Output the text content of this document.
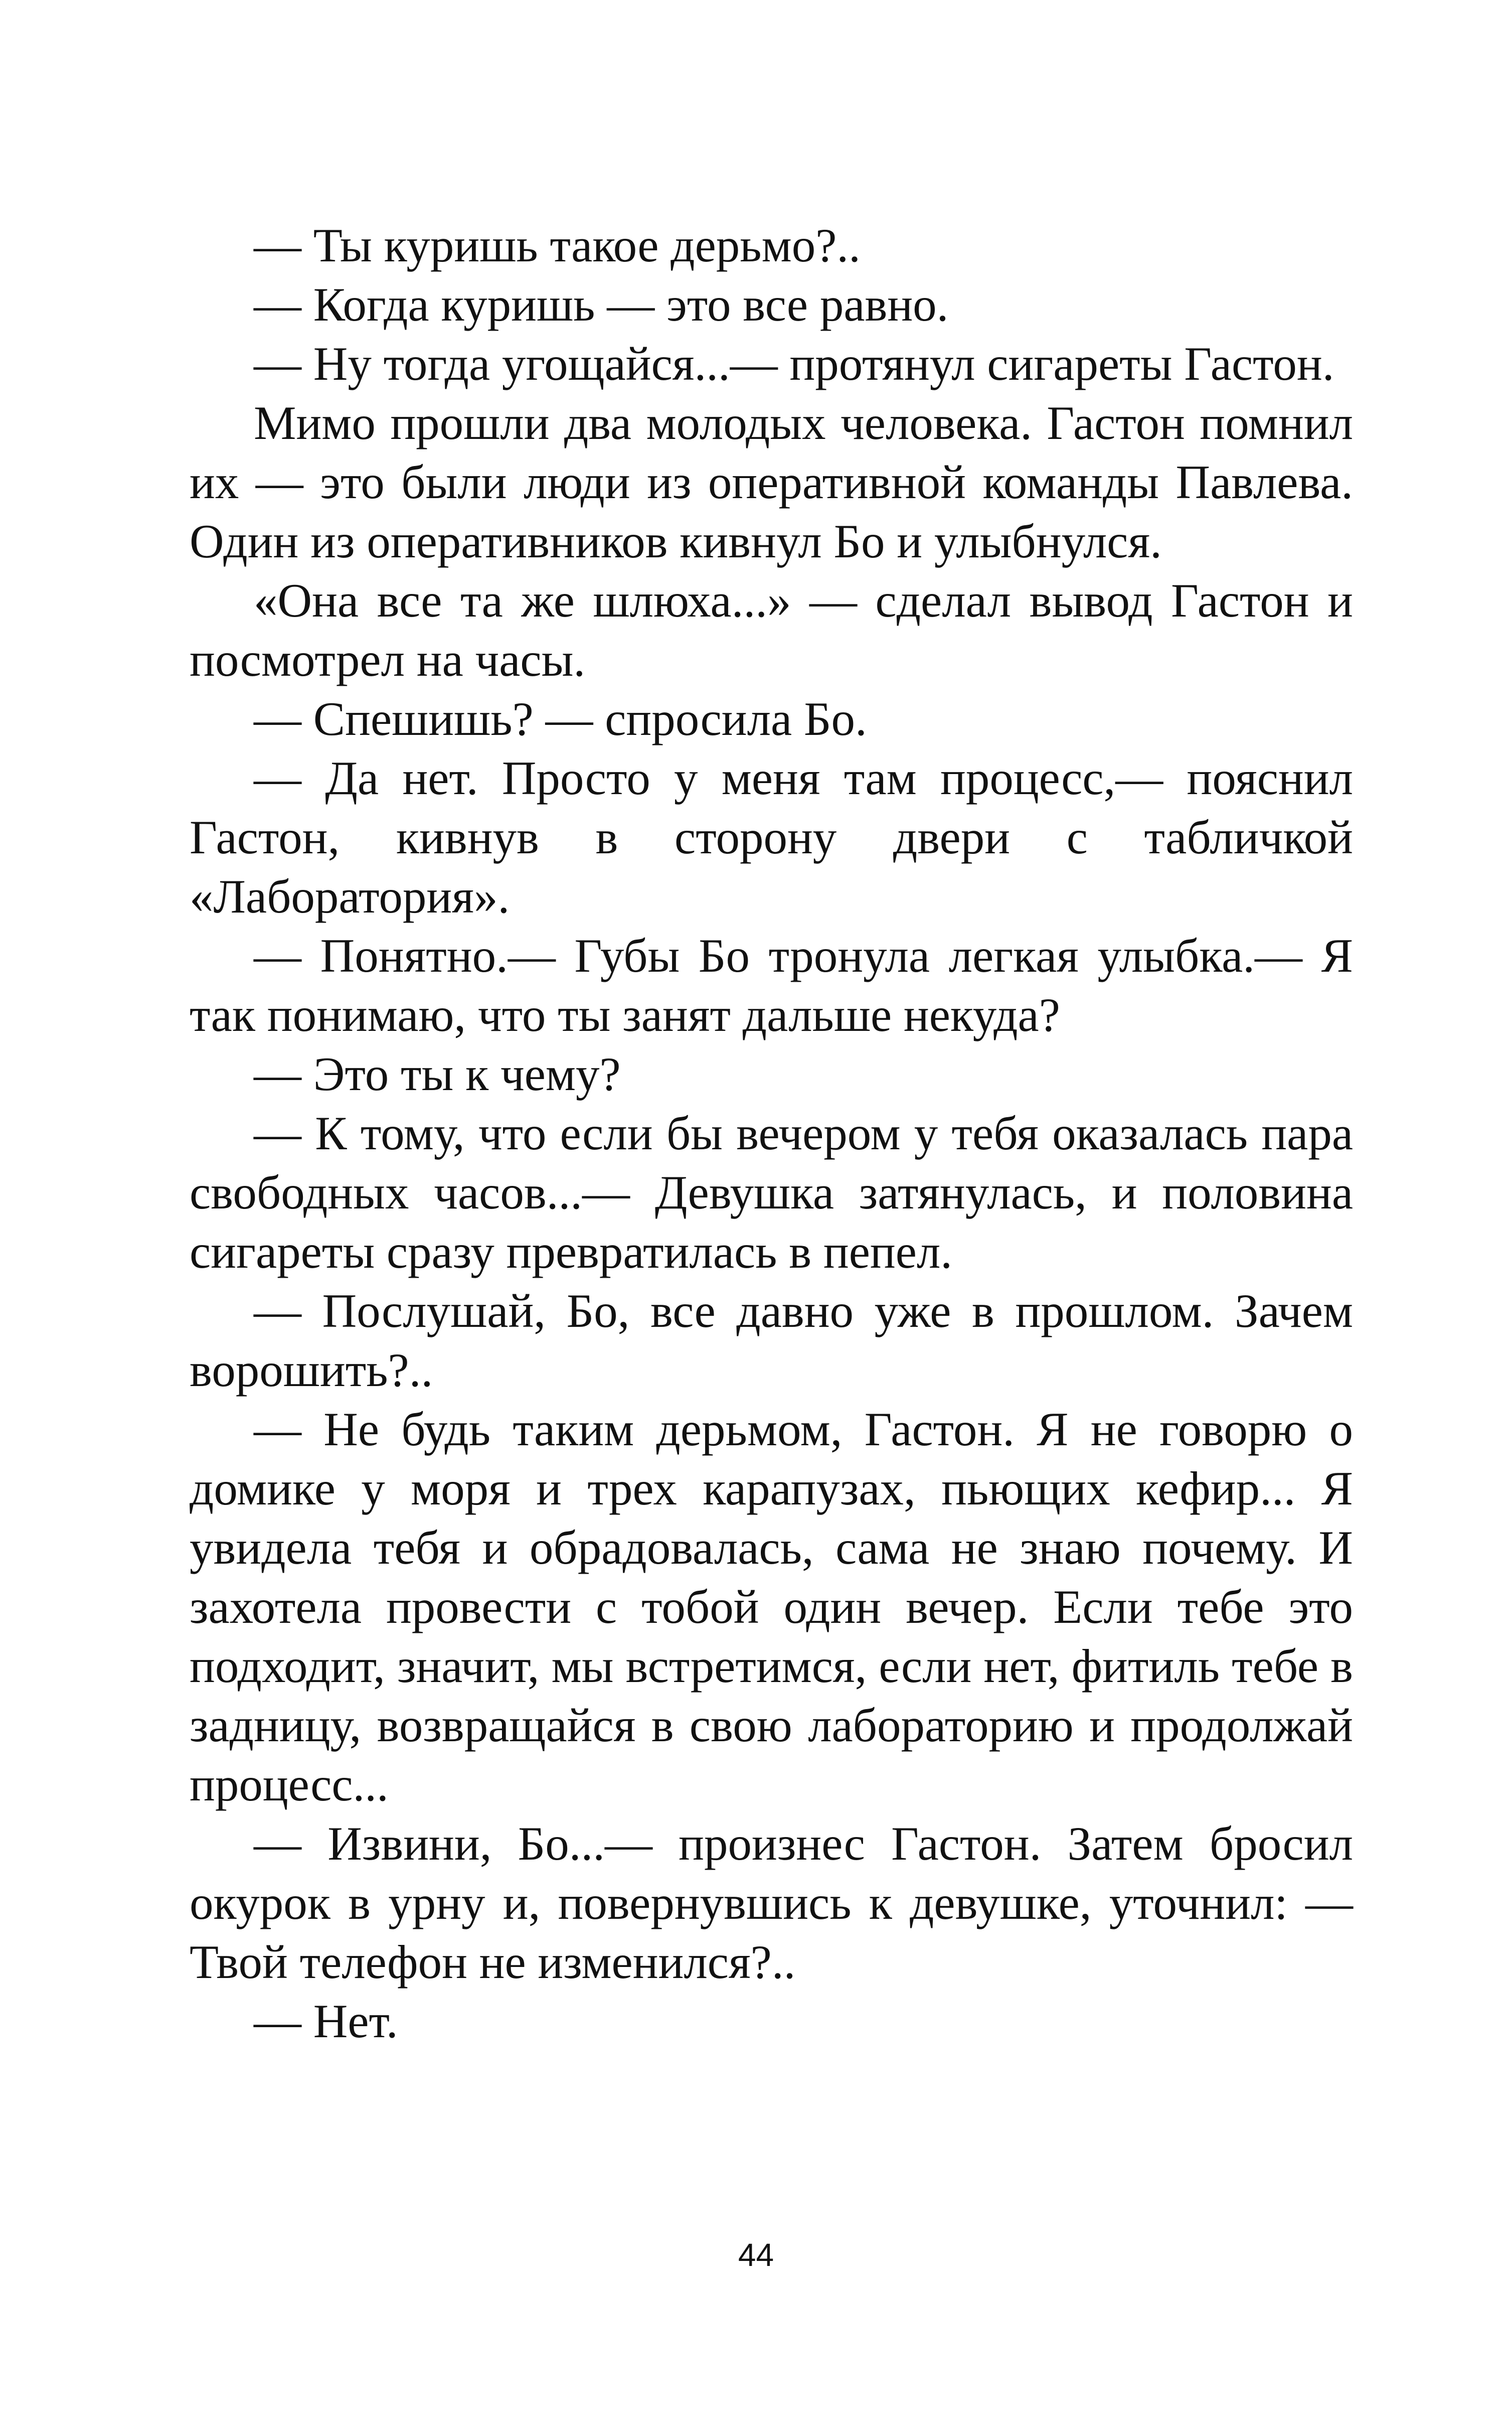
— Ты куришь такое дерьмо?..

— Когда куришь — это все равно.

— Ну тогда угощайся...— протянул сигареты Гастон.

Мимо прошли два молодых человека. Гастон помнил их — это были люди из оперативной команды Павлева. Один из оперативников кивнул Бо и улыбнулся.

«Она все та же шлюха...» — сделал вывод Гастон и посмотрел на часы.

— Спешишь? — спросила Бо.

— Да нет. Просто у меня там процесс,— пояснил Гастон, кивнув в сторону двери с табличкой «Лаборатория».

— Понятно.— Губы Бо тронула легкая улыбка.— Я так понимаю, что ты занят дальше некуда?

— Это ты к чему?

— К тому, что если бы вечером у тебя оказалась пара свободных часов...— Девушка затянулась, и половина сигареты сразу превратилась в пепел.

— Послушай, Бо, все давно уже в прошлом. Зачем ворошить?..

— Не будь таким дерьмом, Гастон. Я не говорю о домике у моря и трех карапузах, пьющих кефир... Я увидела тебя и обрадовалась, сама не знаю почему. И захотела провести с тобой один вечер. Если тебе это подходит, значит, мы встретимся, если нет, фитиль тебе в задницу, возвращайся в свою лабораторию и продолжай процесс...

— Извини, Бо...— произнес Гастон. Затем бросил окурок в урну и, повернувшись к девушке, уточнил: — Твой телефон не изменился?..

— Нет.

44
